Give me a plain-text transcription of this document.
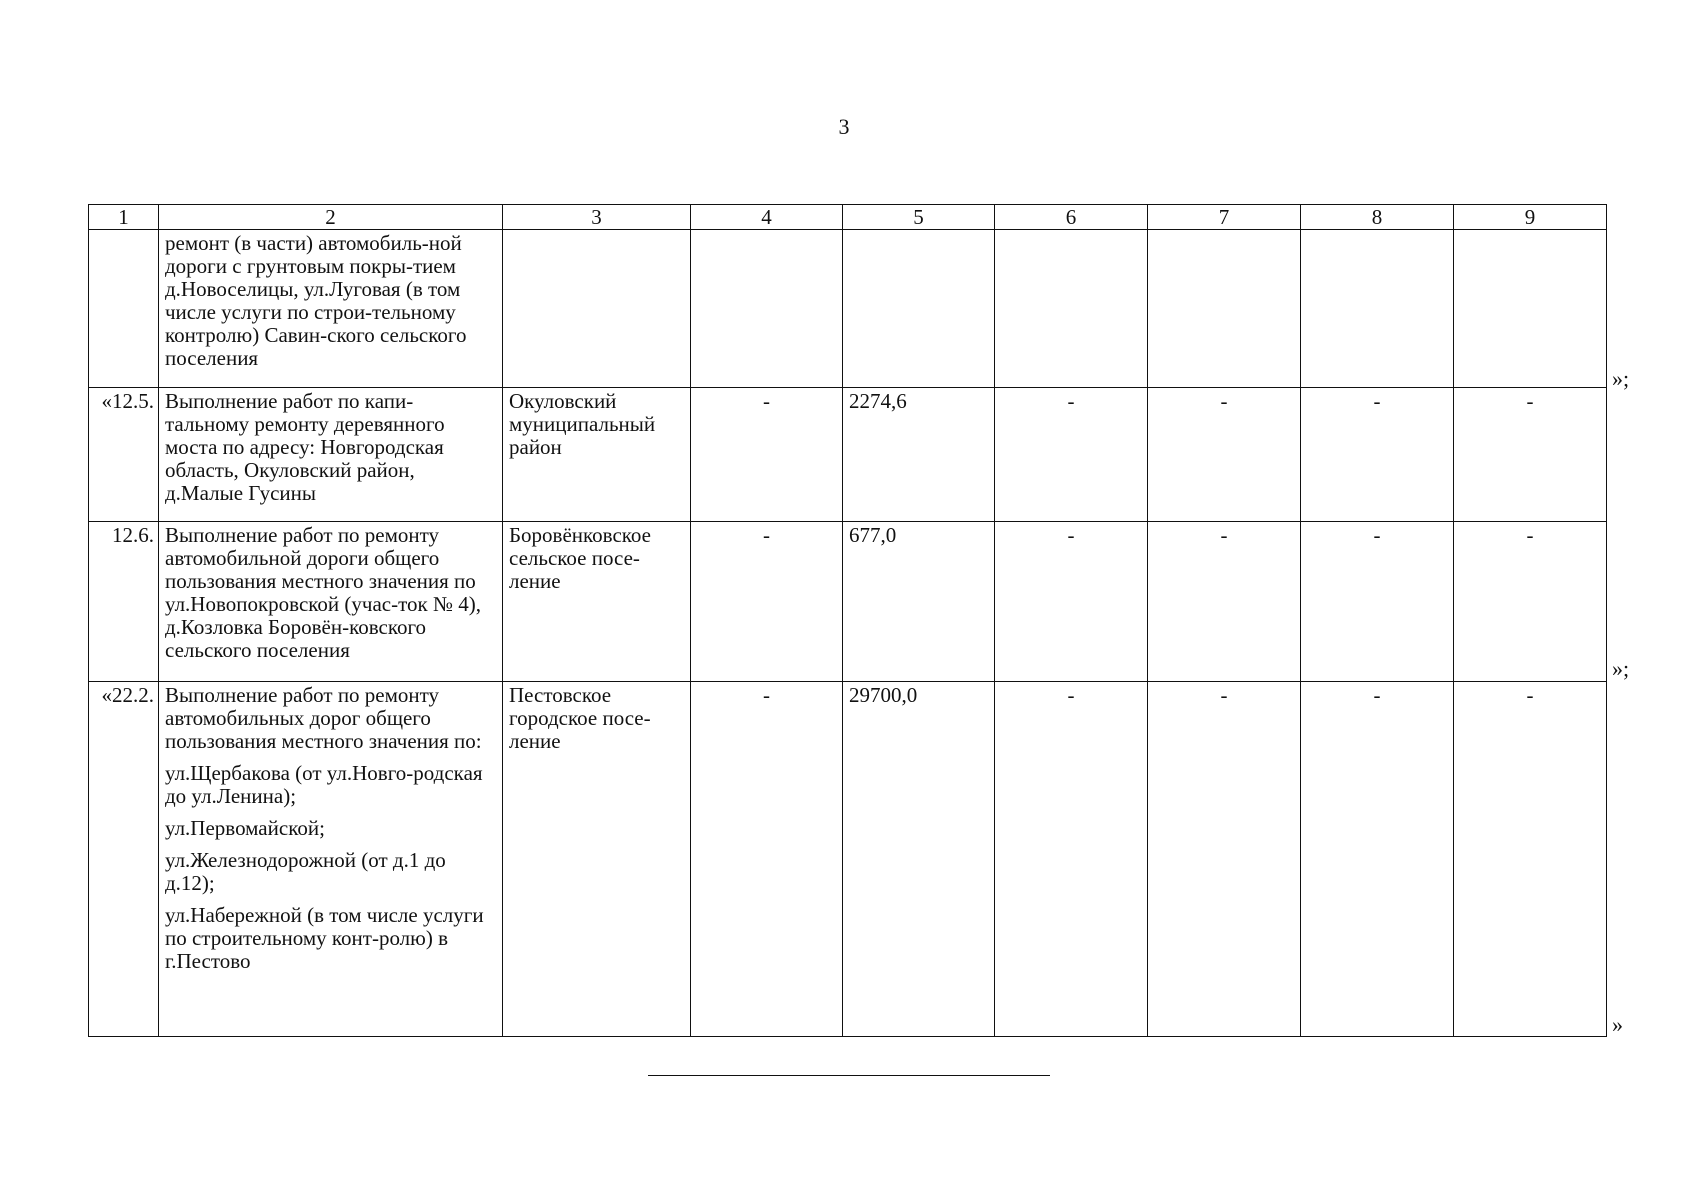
3
1	2	3	4	5	6	7	8	9
	ремонт (в части) автомобиль-ной дороги с грунтовым покры-тием д.Новоселицы, ул.Луговая (в том числе услуги по строи-тельному контролю) Савин-ского сельского поселения							
«12.5.	Выполнение работ по капи-тальному ремонту деревянного моста по адресу: Новгородская область, Окуловский район, д.Малые Гусины	Окуловский муниципальный район	-	2274,6	-	-	-	-
12.6.	Выполнение работ по ремонту автомобильной дороги общего пользования местного значения по ул.Новопокровской (учас-ток № 4), д.Козловка Боровён-ковского сельского поселения	Боровёнковское сельское посе-ление	-	677,0	-	-	-	-
«22.2.	Выполнение работ по ремонту автомобильных дорог общего пользования местного значения по:
ул.Щербакова (от ул.Новго-родская до ул.Ленина);
ул.Первомайской;
ул.Железнодорожной (от д.1 до д.12);
ул.Набережной (в том числе услуги по строительному конт-ролю) в г.Пестово	Пестовское городское посе-ление	-	29700,0	-	-	-	-
»;
»;
»
